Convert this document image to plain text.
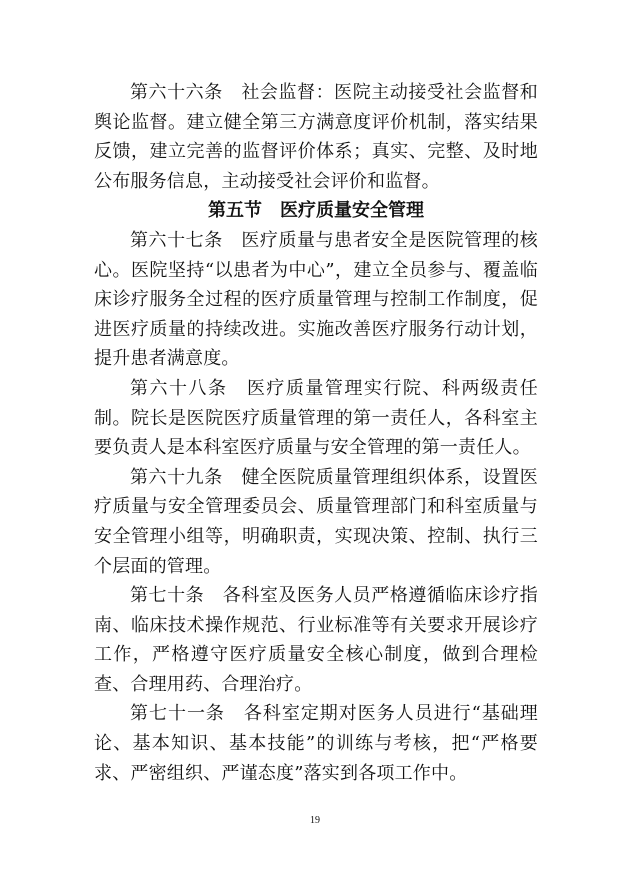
第六十六条　社会监督：医院主动接受社会监督和舆论监督。建立健全第三方满意度评价机制，落实结果反馈，建立完善的监督评价体系；真实、完整、及时地公布服务信息，主动接受社会评价和监督。

第五节　医疗质量安全管理

第六十七条　医疗质量与患者安全是医院管理的核心。医院坚持“以患者为中心”，建立全员参与、覆盖临床诊疗服务全过程的医疗质量管理与控制工作制度，促进医疗质量的持续改进。实施改善医疗服务行动计划，提升患者满意度。

第六十八条　医疗质量管理实行院、科两级责任制。院长是医院医疗质量管理的第一责任人，各科室主要负责人是本科室医疗质量与安全管理的第一责任人。

第六十九条　健全医院质量管理组织体系，设置医疗质量与安全管理委员会、质量管理部门和科室质量与安全管理小组等，明确职责，实现决策、控制、执行三个层面的管理。

第七十条　各科室及医务人员严格遵循临床诊疗指南、临床技术操作规范、行业标准等有关要求开展诊疗工作，严格遵守医疗质量安全核心制度，做到合理检查、合理用药、合理治疗。

第七十一条　各科室定期对医务人员进行“基础理论、基本知识、基本技能”的训练与考核，把“严格要求、严密组织、严谨态度”落实到各项工作中。

19
